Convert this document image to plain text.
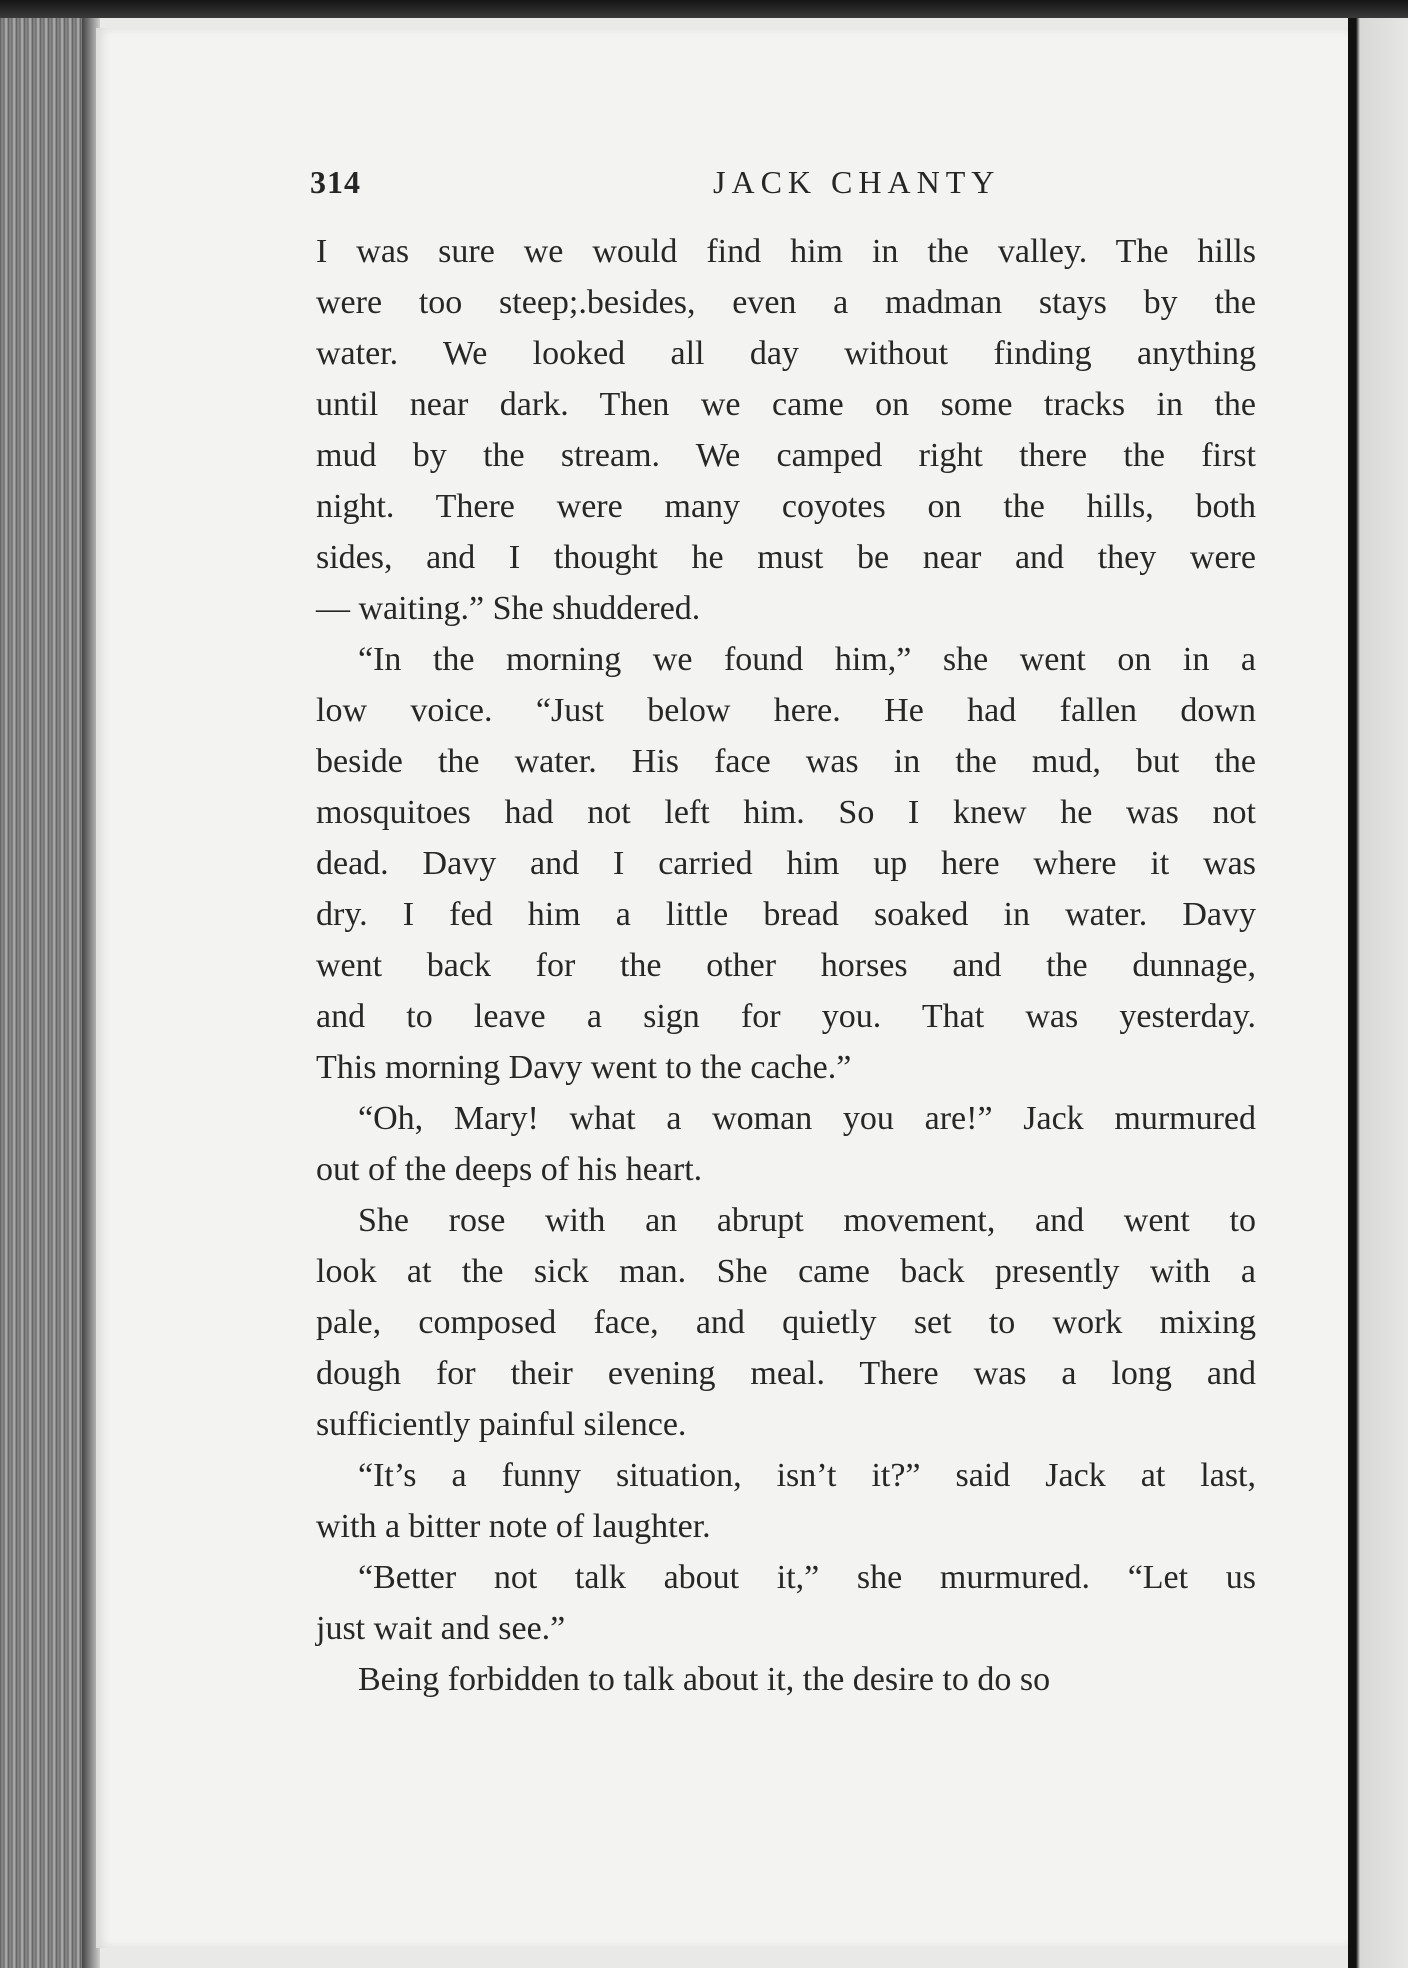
314	JACK CHANTY

I was sure we would find him in the valley. The hills

were too steep;.besides, even a madman stays by the

water. We looked all day without finding anything

until near dark. Then we came on some tracks in the

mud by the stream. We camped right there the first

night. There were many coyotes on the hills, both

sides, and I thought he must be near and they were

— waiting.” She shuddered.

“In the morning we found him,” she went on in a

low voice. “Just below here. He had fallen down

beside the water. His face was in the mud, but the

mosquitoes had not left him. So I knew he was not

dead. Davy and I carried him up here where it was

dry. I fed him a little bread soaked in water. Davy

went back for the other horses and the dunnage,

and to leave a sign for you. That was yesterday.

This morning Davy went to the cache.”

“Oh, Mary! what a woman you are!” Jack murmured

out of the deeps of his heart.

She rose with an abrupt movement, and went to

look at the sick man. She came back presently with a

pale, composed face, and quietly set to work mixing

dough for their evening meal. There was a long and

sufficiently painful silence.

“It’s a funny situation, isn’t it?” said Jack at last,

with a bitter note of laughter.

“Better not talk about it,” she murmured. “Let us

just wait and see.”

Being forbidden to talk about it, the desire to do so
